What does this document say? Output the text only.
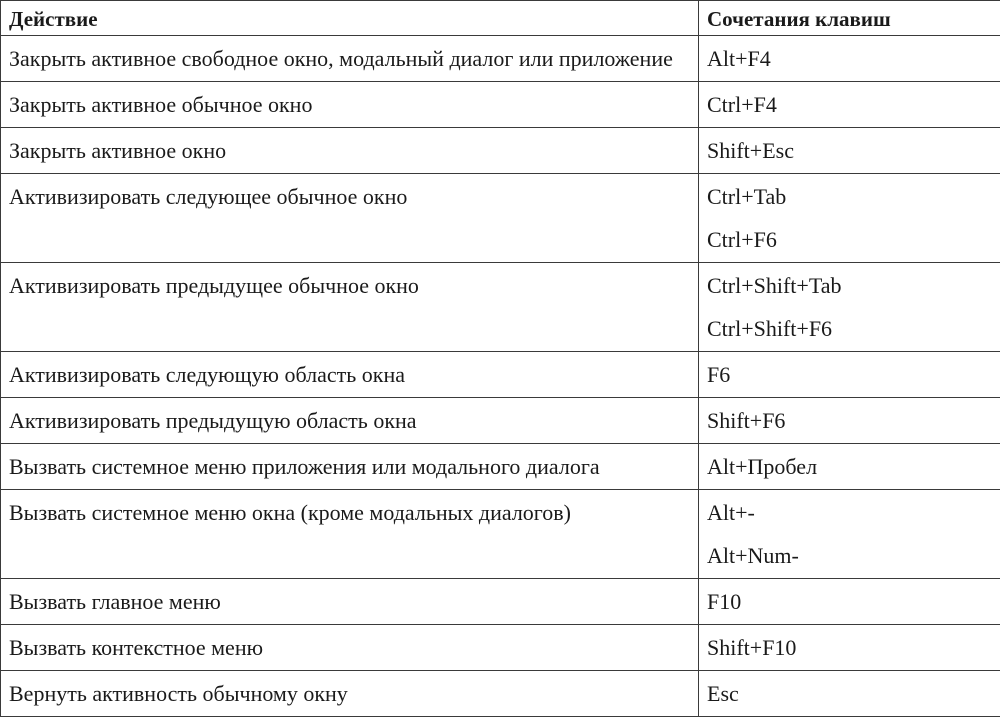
Действие	Сочетания клавиш
Закрыть активное свободное окно, модальный диалог или приложение	Alt+F4

Закрыть активное обычное окно	Ctrl+F4

Закрыть активное окно	Shift+Esc

Активизировать следующее обычное окно	Ctrl+Tab
Ctrl+F6

Активизировать предыдущее обычное окно	Ctrl+Shift+Tab
Ctrl+Shift+F6

Активизировать следующую область окна	F6

Активизировать предыдущую область окна	Shift+F6

Вызвать системное меню приложения или модального диалога	Alt+Пробел

Вызвать системное меню окна (кроме модальных диалогов)	Alt+-
Alt+Num-

Вызвать главное меню	F10

Вызвать контекстное меню	Shift+F10

Вернуть активность обычному окну	Esc
